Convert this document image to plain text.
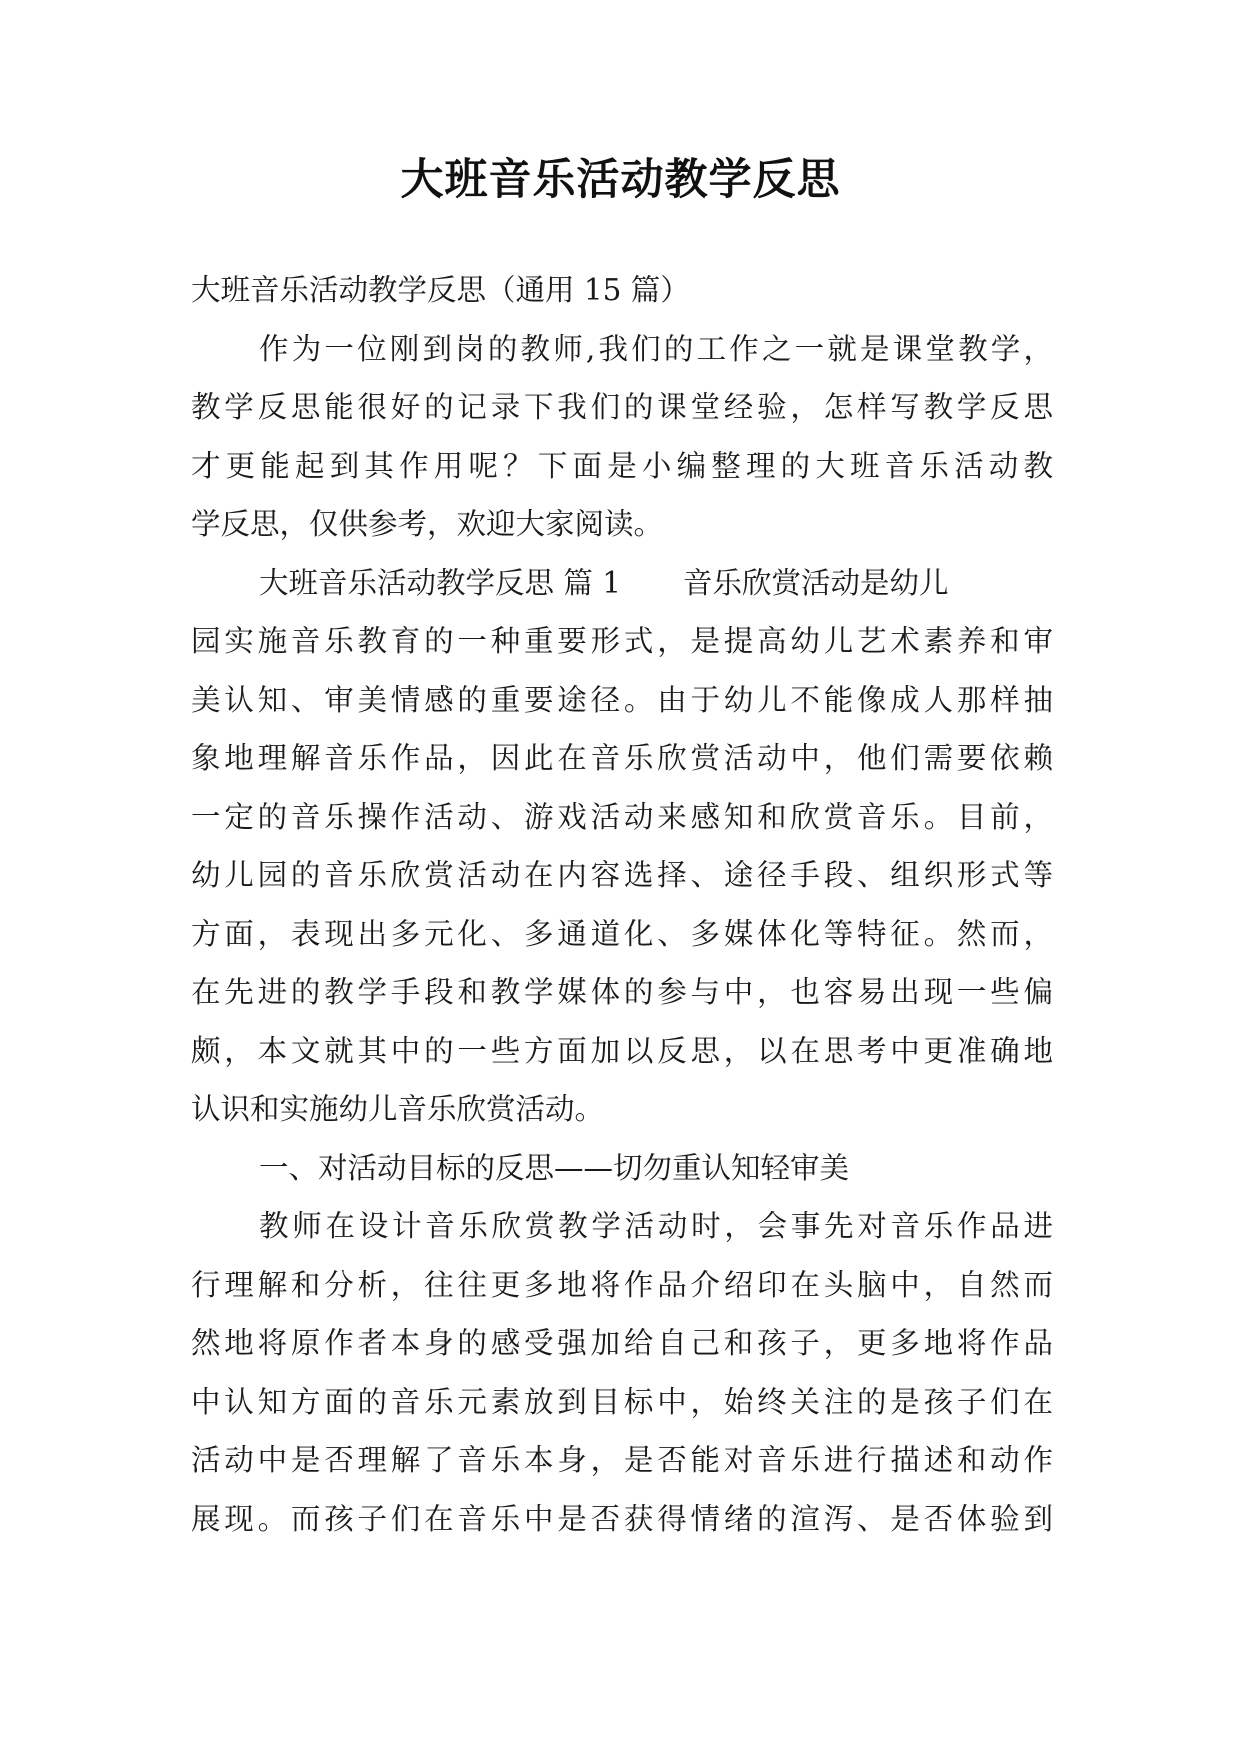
大班音乐活动教学反思
大班音乐活动教学反思（通用 15 篇）
作为一位刚到岗的教师,我们的工作之一就是课堂教学，
教学反思能很好的记录下我们的课堂经验，怎样写教学反思
才更能起到其作用呢？下面是小编整理的大班音乐活动教
学反思，仅供参考，欢迎大家阅读。
大班音乐活动教学反思 篇 1 音乐欣赏活动是幼儿
园实施音乐教育的一种重要形式，是提高幼儿艺术素养和审
美认知、审美情感的重要途径。由于幼儿不能像成人那样抽
象地理解音乐作品，因此在音乐欣赏活动中，他们需要依赖
一定的音乐操作活动、游戏活动来感知和欣赏音乐。目前，
幼儿园的音乐欣赏活动在内容选择、途径手段、组织形式等
方面，表现出多元化、多通道化、多媒体化等特征。然而，
在先进的教学手段和教学媒体的参与中，也容易出现一些偏
颇，本文就其中的一些方面加以反思，以在思考中更准确地
认识和实施幼儿音乐欣赏活动。
一、对活动目标的反思——切勿重认知轻审美
教师在设计音乐欣赏教学活动时，会事先对音乐作品进
行理解和分析，往往更多地将作品介绍印在头脑中，自然而
然地将原作者本身的感受强加给自己和孩子，更多地将作品
中认知方面的音乐元素放到目标中，始终关注的是孩子们在
活动中是否理解了音乐本身，是否能对音乐进行描述和动作
展现。而孩子们在音乐中是否获得情绪的渲泻、是否体验到
